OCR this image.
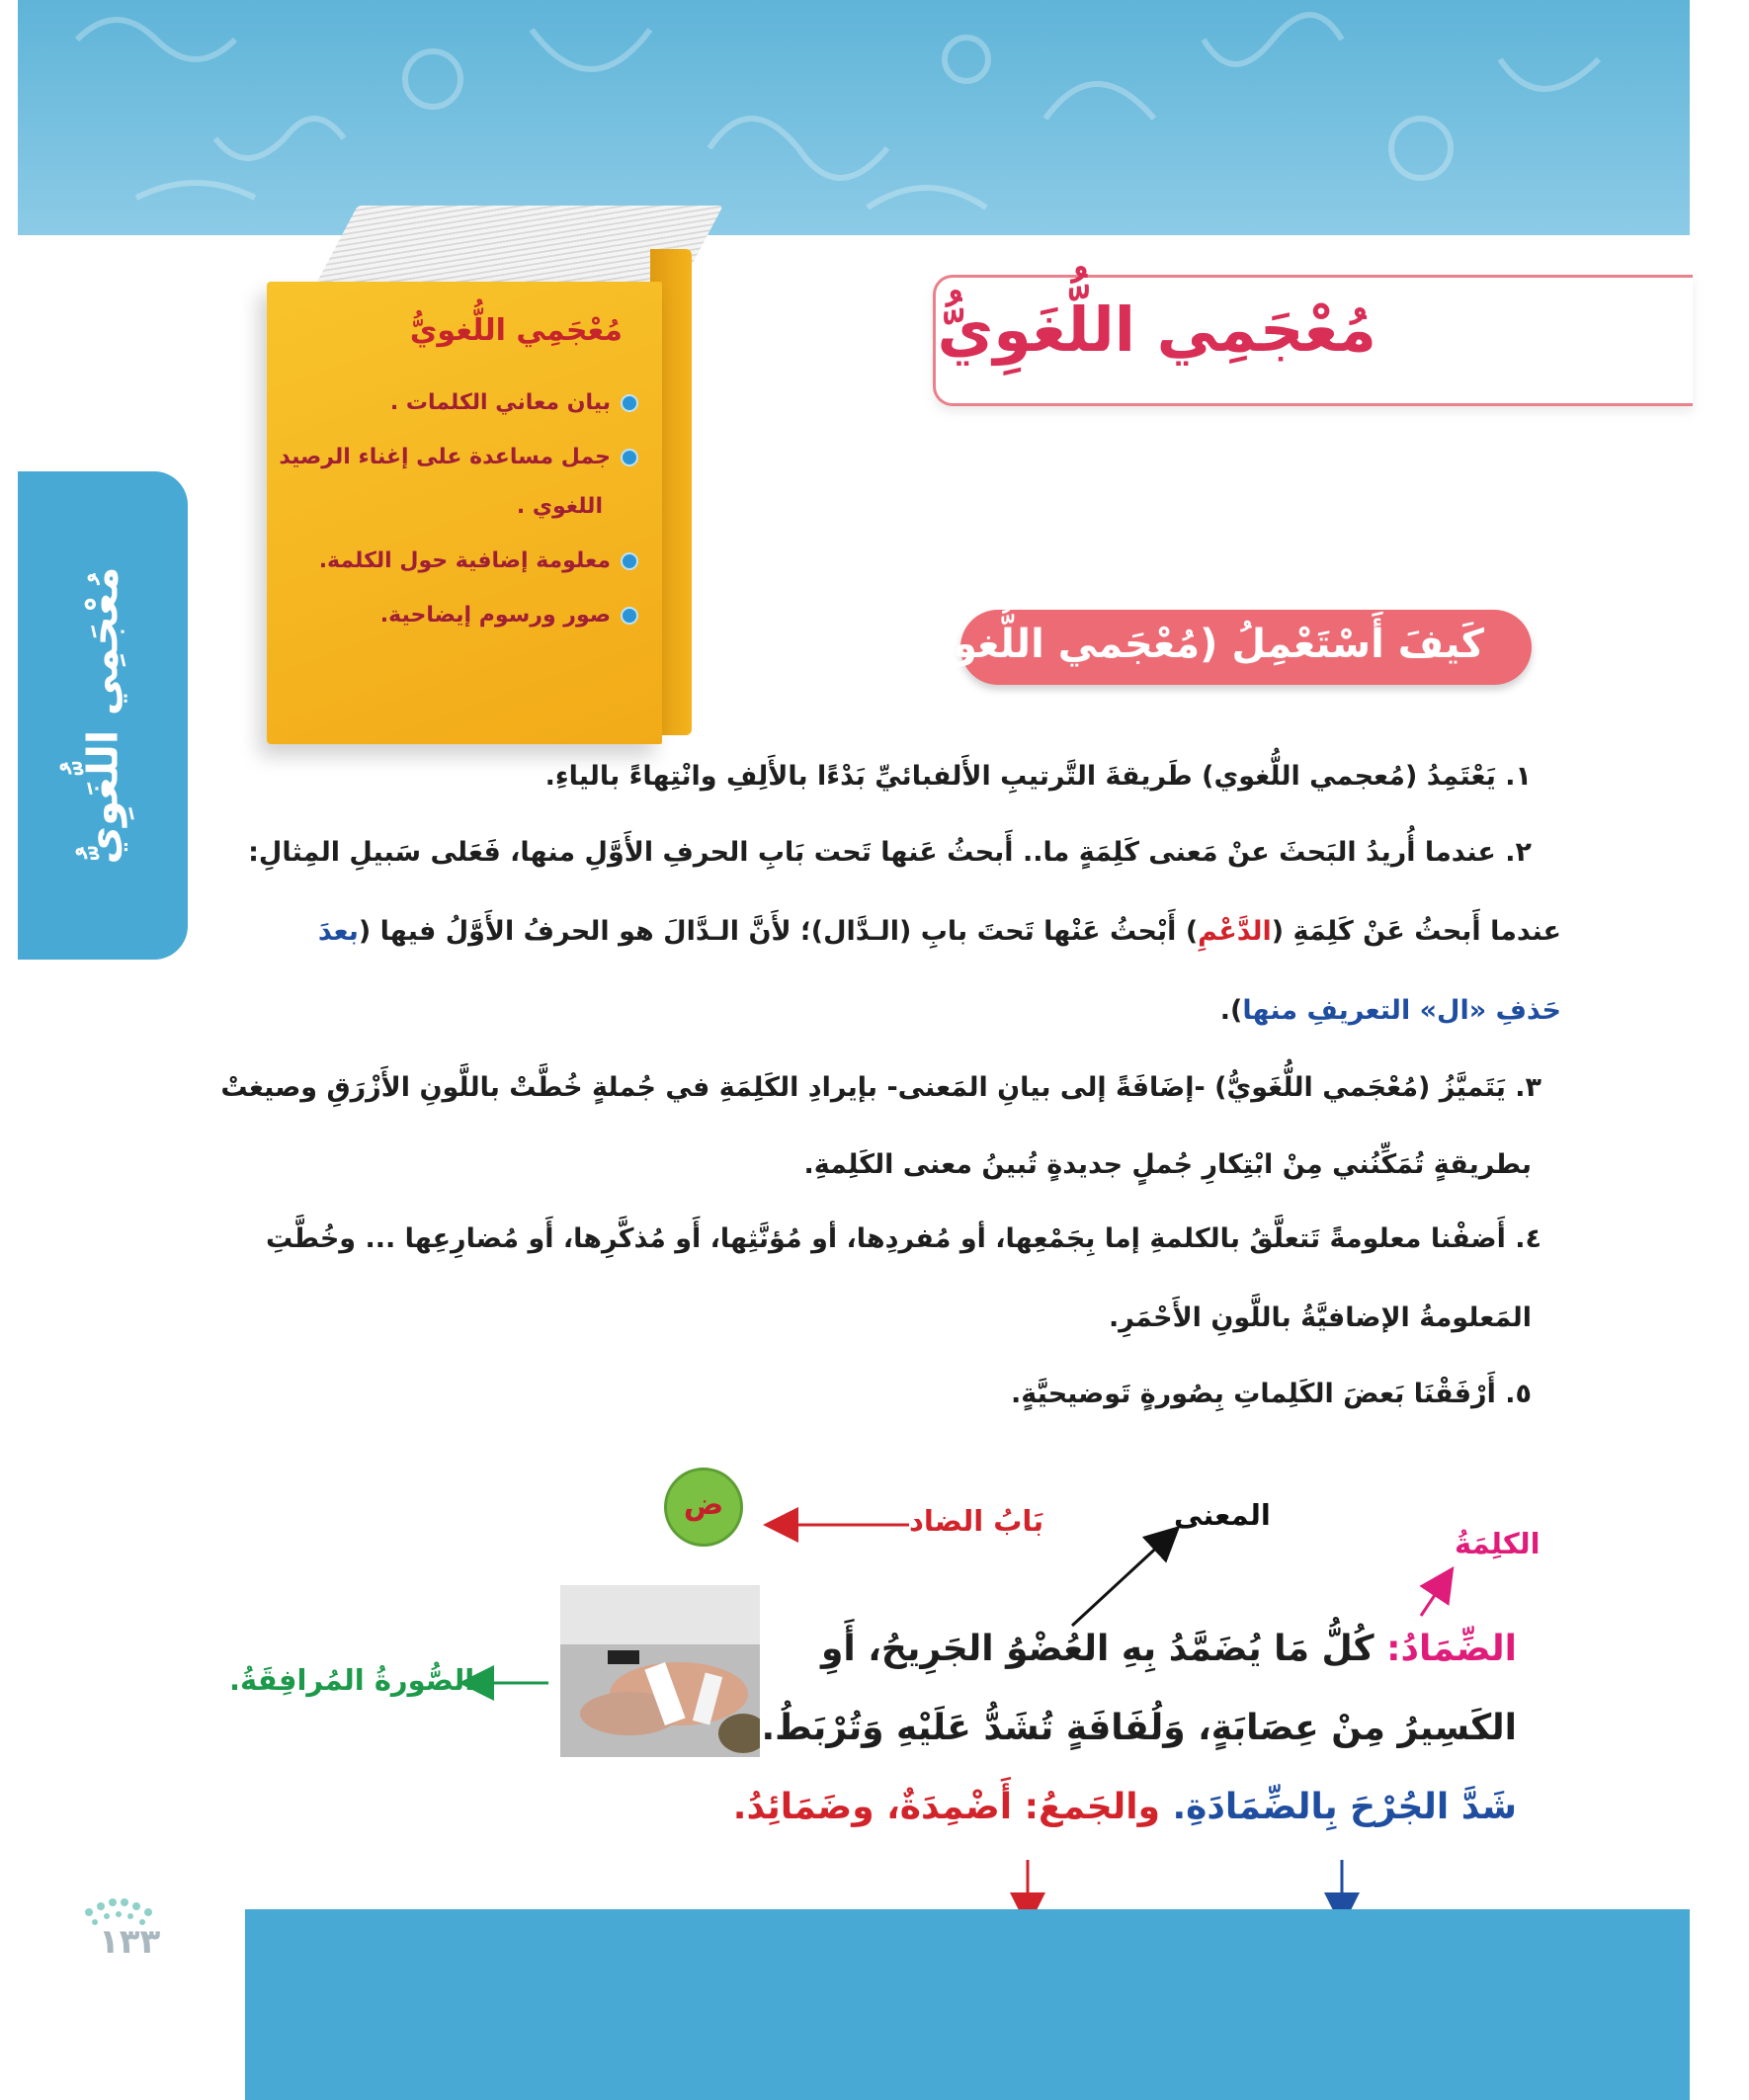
مُعْجَمِي اللُّغَوِيُّ
مُعْجَمِي اللُّغويُّ
بيان معاني الكلمات .
جمل مساعدة على إغناء الرصيد
اللغوي .
معلومة إضافية حول الكلمة.
صور ورسوم إيضاحية.
مُعْجَمِي اللُّغَوِيُّ
كَيفَ أَسْتَعْمِلُ (مُعْجَمي اللُّغويَّ)؟
١. يَعْتَمِدُ (مُعجمي اللُّغوي) طَريقةَ التَّرتيبِ الأَلفبائيِّ بَدْءًا بالأَلِفِ وانْتِهاءً بالياءِ.
٢. عندما أُريدُ البَحثَ عنْ مَعنى كَلِمَةٍ ما.. أَبحثُ عَنها تَحت بَابِ الحرفِ الأَوَّلِ منها، فَعَلى سَبيلِ المِثالِ:
عندما أَبحثُ عَنْ كَلِمَةِ (الدَّعْمِ) أَبْحثُ عَنْها تَحتَ بابِ (الـدَّال)؛ لأَنَّ الـدَّالَ هو الحرفُ الأَوَّلُ فيها (بعدَ
حَذفِ «ال» التعريفِ منها).
٣. يَتَميَّزُ (مُعْجَمي اللُّغَويُّ) -إضَافَةً إلى بيانِ المَعنى- بإيرادِ الكَلِمَةِ في جُملةٍ خُطَّتْ باللَّونِ الأَزْرَقِ وصيغتْ
بطريقةٍ تُمَكِّنُني مِنْ ابْتِكارِ جُملٍ جديدةٍ تُبينُ معنى الكَلِمةِ.
٤. أَضفْنا معلومةً تَتعلَّقُ بالكلمةِ إما بِجَمْعِها، أو مُفردِها، أو مُؤنَّثِها، أَو مُذكَّرِها، أَو مُضارِعِها ... وخُطَّتِ
المَعلومةُ الإضافيَّةُ باللَّونِ الأَحْمَرِ.
٥. أَرْفَقْنَا بَعضَ الكَلِماتِ بِصُورةٍ تَوضيحيَّةٍ.
ض	بَابُ الضاد	المعنى
الكلِمَةُ
الصُّورةُ المُرافِقَةُ.
الضِّمَادُ: كُلُّ مَا يُضَمَّدُ بِهِ العُضْوُ الجَرِيحُ، أَوِ
الكَسِيرُ مِنْ عِصَابَةٍ، وَلُفَافَةٍ تُشَدُّ عَلَيْهِ وَتُرْبَطُ.
شَدَّ الجُرْحَ بِالضِّمَادَةِ. والجَمعُ: أَضْمِدَةٌ، وضَمَائِدُ.
١٣٣
